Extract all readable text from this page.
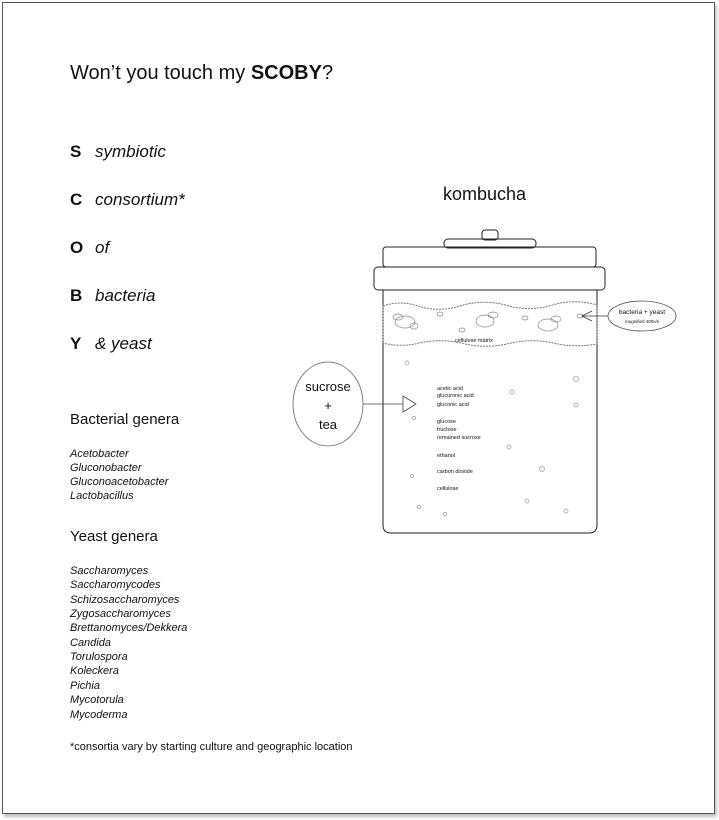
Won’t you touch my SCOBY?
S symbiotic
C consortium*
O of
B bacteria
Y & yeast
Bacterial genera
Acetobacter
Gluconobacter
Gluconoacetobacter
Lactobacillus
Yeast genera
Saccharomyces
Saccharomycodes
Schizosaccharomyces
Zygosaccharomyces
Brettanomyces/Dekkera
Candida
Torulospora
Koleckera
Pichia
Mycotorula
Mycoderma
*consortia vary by starting culture and geographic location
kombucha
cellulose matrix
bacteria + yeast
magnified 400x/s
sucrose
+
tea
acetic acid
glucuronic acid
gluconic acid
glucose
fructose
remained sucrose
ethanol
carbon dioxide
cellulose
